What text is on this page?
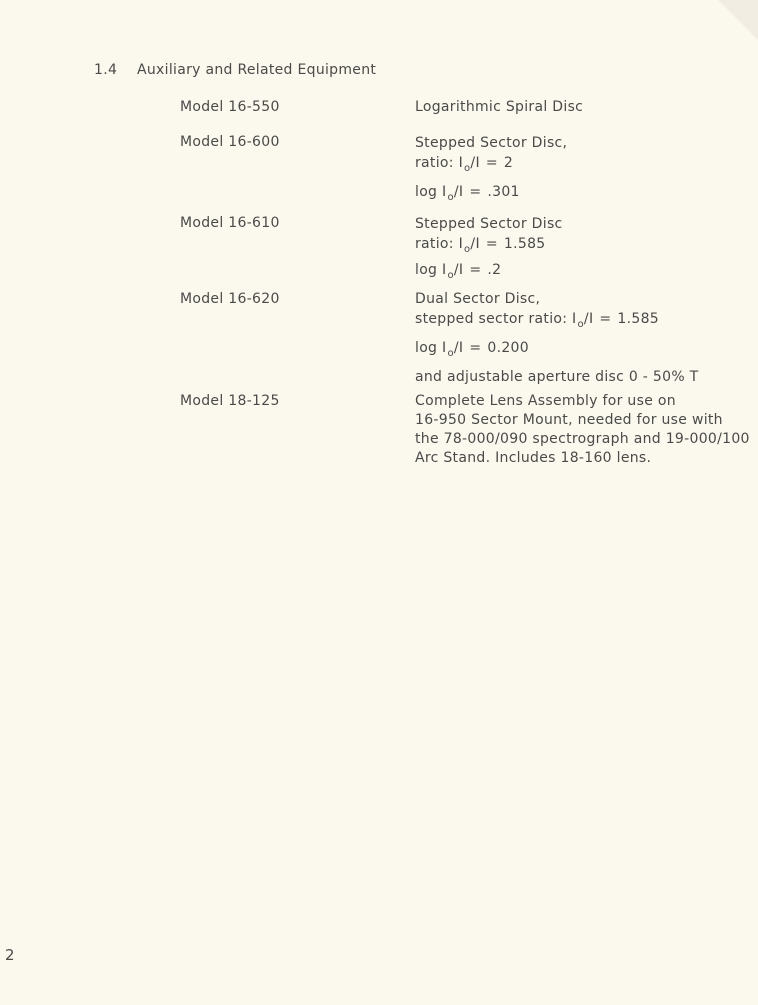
1.4 Auxiliary and Related Equipment
Model 16-550	Logarithmic Spiral Disc
Model 16-600	Stepped Sector Disc,
ratio: $I_o/I = 2$
$\log I_o/I = .301$
Model 16-610	Stepped Sector Disc
ratio: $I_o/I = 1.585$
$\log I_o/I = .2$
Model 16-620	Dual Sector Disc,
stepped sector ratio: $I_o/I = 1.585$
$\log I_o/I = 0.200$
and adjustable aperture disc 0 - 50% T
Model 18-125	Complete Lens Assembly for use on
16-950 Sector Mount, needed for use with
the 78-000/090 spectrograph and 19-000/100
Arc Stand. Includes 18-160 lens.
2
